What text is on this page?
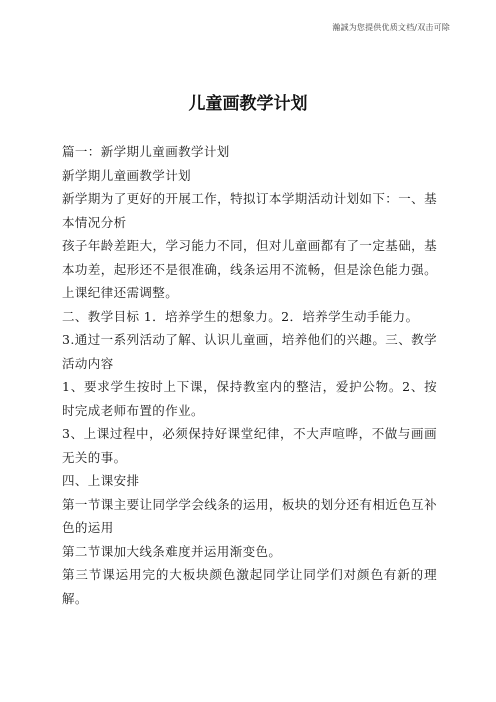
瀚誠为您提供优质文档/双击可除
儿童画教学计划

篇一：新学期儿童画教学计划

新学期儿童画教学计划

新学期为了更好的开展工作，特拟订本学期活动计划如下：一、基本情况分析

孩子年龄差距大，学习能力不同，但对儿童画都有了一定基础，基本功差，起形还不是很准确，线条运用不流畅，但是涂色能力强。上课纪律还需调整。

二、教学目标 1．培养学生的想象力。2．培养学生动手能力。

3.通过一系列活动了解、认识儿童画，培养他们的兴趣。三、教学活动内容

1、要求学生按时上下课，保持教室内的整洁，爱护公物。2、按时完成老师布置的作业。

3、上课过程中，必须保持好课堂纪律，不大声喧哗，不做与画画无关的事。

四、上课安排

第一节课主要让同学学会线条的运用，板块的划分还有相近色互补色的运用

第二节课加大线条难度并运用渐变色。

第三节课运用完的大板块颜色激起同学让同学们对颜色有新的理解。
